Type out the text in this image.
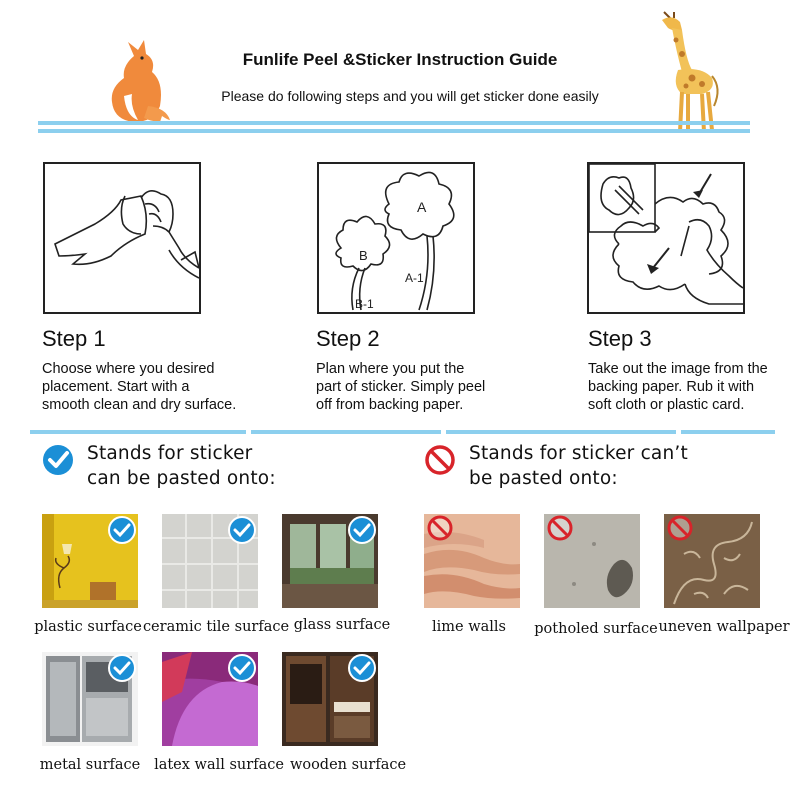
Funlife Peel &Sticker Instruction Guide
Please do following steps and you will get sticker done easily
A
B
A-1
B-1
Step 1
Choose where you desired
placement. Start with a
smooth clean and dry surface.
Step 2
Plan where you put the
part of sticker. Simply peel
off from backing paper.
Step 3
Take out the image from the
backing paper. Rub it with
soft cloth or plastic card.
Stands for sticker
can be pasted onto:
Stands for sticker can’t
be pasted onto:
plastic surface ceramic tile surface glass surface
metal surface latex wall surface wooden surface
lime walls	potholed surface uneven wallpaper
